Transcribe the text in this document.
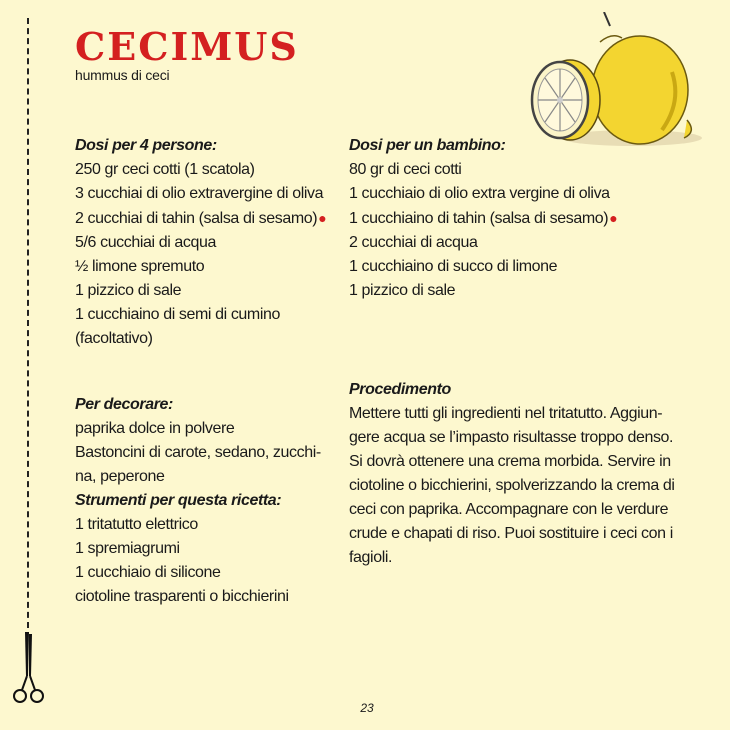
CECIMUS
hummus di ceci
Dosi per 4 persone:
250 gr ceci cotti (1 scatola)
3 cucchiai di olio extravergine di oliva
2 cucchiai di tahin (salsa di sesamo)●
5/6 cucchiai di acqua
½ limone spremuto
1 pizzico di sale
1 cucchiaino di semi di cumino
(facoltativo)
Dosi per un bambino:
80 gr di ceci cotti
1 cucchiaio di olio extra vergine di oliva
1 cucchiaino di tahin (salsa di sesamo)●
2 cucchiai di acqua
1 cucchiaino di succo di limone
1 pizzico di sale
Per decorare:
paprika dolce in polvere
Bastoncini di carote, sedano, zucchi-
na, peperone
Strumenti per questa ricetta:
1 tritatutto elettrico
1 spremiagrumi
1 cucchiaio di silicone
ciotoline trasparenti o bicchierini
Procedimento
Mettere tutti gli ingredienti nel tritatutto. Aggiun-
gere acqua se l’impasto risultasse troppo denso.
Si dovrà ottenere una crema morbida. Servire in
ciotoline o bicchierini, spolverizzando la crema di
ceci con paprika. Accompagnare con le verdure
crude e chapati di riso. Puoi sostituire i ceci con i
fagioli.
23
